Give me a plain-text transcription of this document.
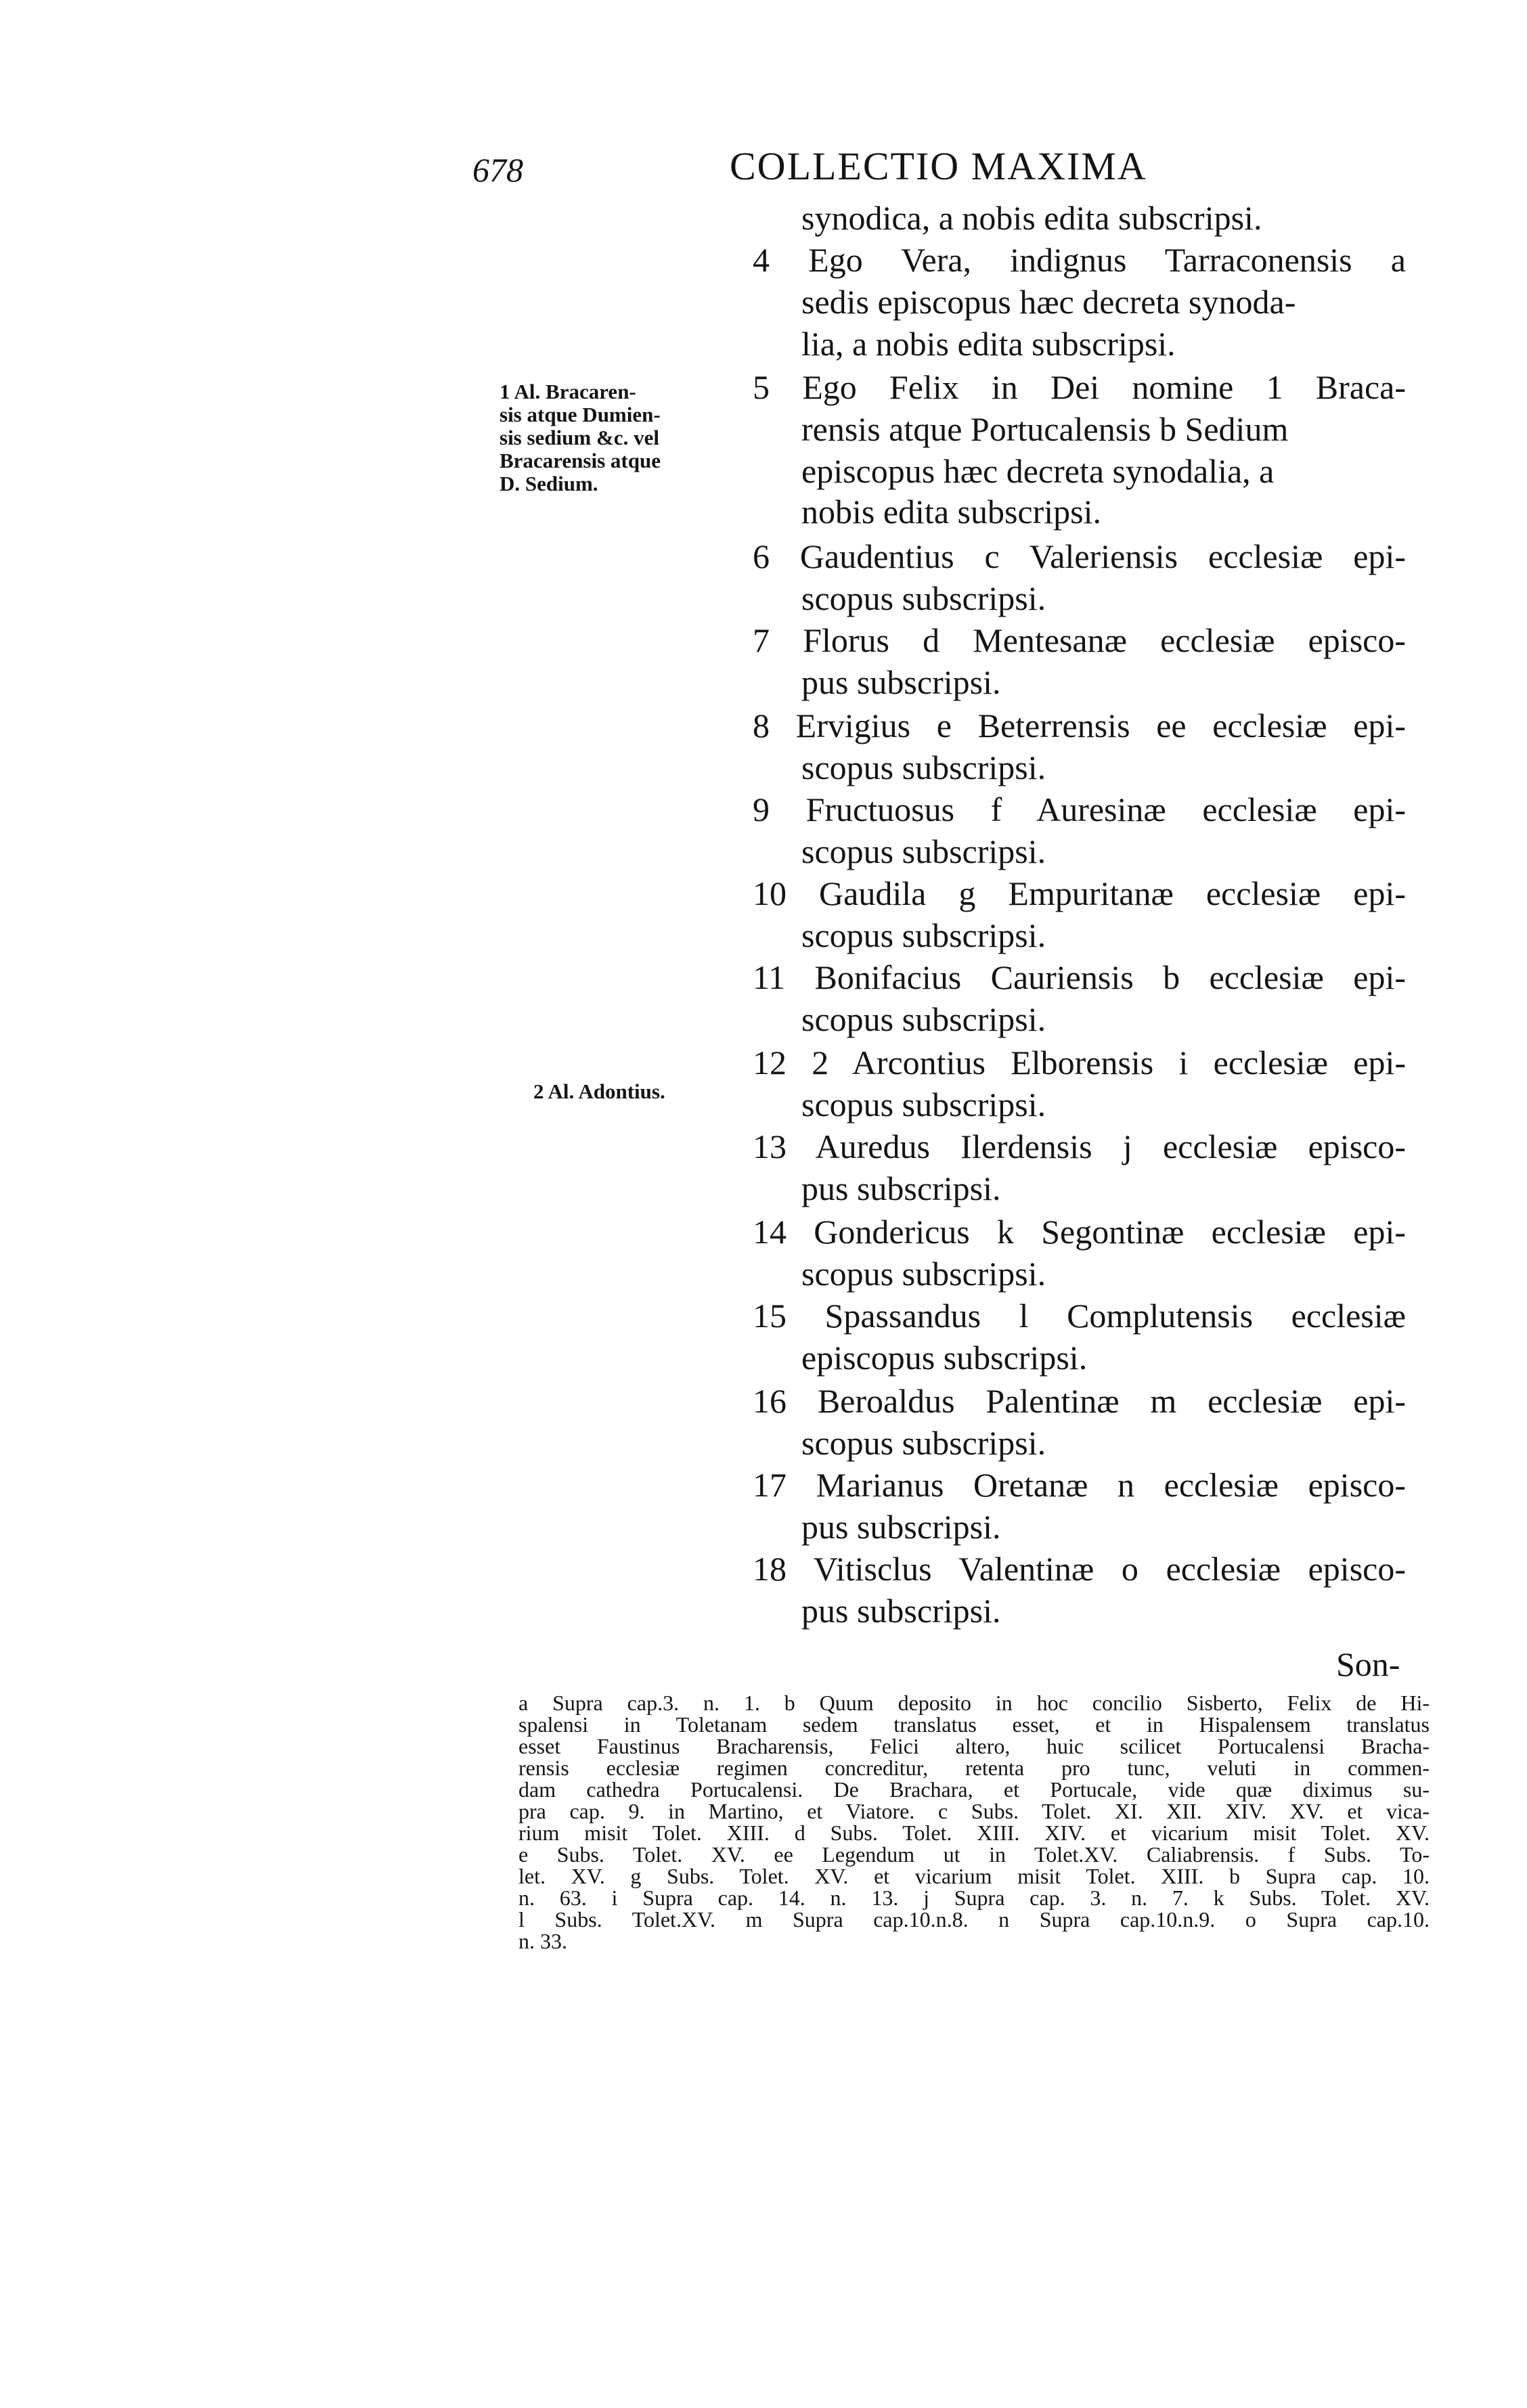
678	COLLECTIO MAXIMA
synodica, a nobis edita subscripsi.
4 Ego Vera, indignus Tarraconensis a
sedis episcopus hæc decreta synoda-
lia, a nobis edita subscripsi.
5 Ego Felix in Dei nomine 1 Braca-
rensis atque Portucalensis b Sedium
episcopus hæc decreta synodalia, a
nobis edita subscripsi.
6 Gaudentius c Valeriensis ecclesiæ epi-
scopus subscripsi.
7 Florus d Mentesanæ ecclesiæ episco-
pus subscripsi.
8 Ervigius e Beterrensis ee ecclesiæ epi-
scopus subscripsi.
9 Fructuosus f Auresinæ ecclesiæ epi-
scopus subscripsi.
10 Gaudila g Empuritanæ ecclesiæ epi-
scopus subscripsi.
11 Bonifacius Cauriensis b ecclesiæ epi-
scopus subscripsi.
12 2 Arcontius Elborensis i ecclesiæ epi-
scopus subscripsi.
13 Auredus Ilerdensis j ecclesiæ episco-
pus subscripsi.
14 Gondericus k Segontinæ ecclesiæ epi-
scopus subscripsi.
15 Spassandus l Complutensis ecclesiæ
episcopus subscripsi.
16 Beroaldus Palentinæ m ecclesiæ epi-
scopus subscripsi.
17 Marianus Oretanæ n ecclesiæ episco-
pus subscripsi.
18 Vitisclus Valentinæ o ecclesiæ episco-
pus subscripsi.
Son-
1 Al. Bracaren-
sis atque Dumien-
sis sedium &c. vel
Bracarensis atque
D. Sedium.
2 Al. Adontius.
a Supra cap.3. n. 1. b Quum deposito in hoc concilio Sisberto, Felix de Hi-
spalensi in Toletanam sedem translatus esset, et in Hispalensem translatus
esset Faustinus Bracharensis, Felici altero, huic scilicet Portucalensi Bracha-
rensis ecclesiæ regimen concreditur, retenta pro tunc, veluti in commen-
dam cathedra Portucalensi. De Brachara, et Portucale, vide quæ diximus su-
pra cap. 9. in Martino, et Viatore. c Subs. Tolet. XI. XII. XIV. XV. et vica-
rium misit Tolet. XIII. d Subs. Tolet. XIII. XIV. et vicarium misit Tolet. XV.
e Subs. Tolet. XV. ee Legendum ut in Tolet.XV. Caliabrensis. f Subs. To-
let. XV. g Subs. Tolet. XV. et vicarium misit Tolet. XIII. b Supra cap. 10.
n. 63. i Supra cap. 14. n. 13. j Supra cap. 3. n. 7. k Subs. Tolet. XV.
l Subs. Tolet.XV. m Supra cap.10.n.8. n Supra cap.10.n.9. o Supra cap.10.
n. 33.
